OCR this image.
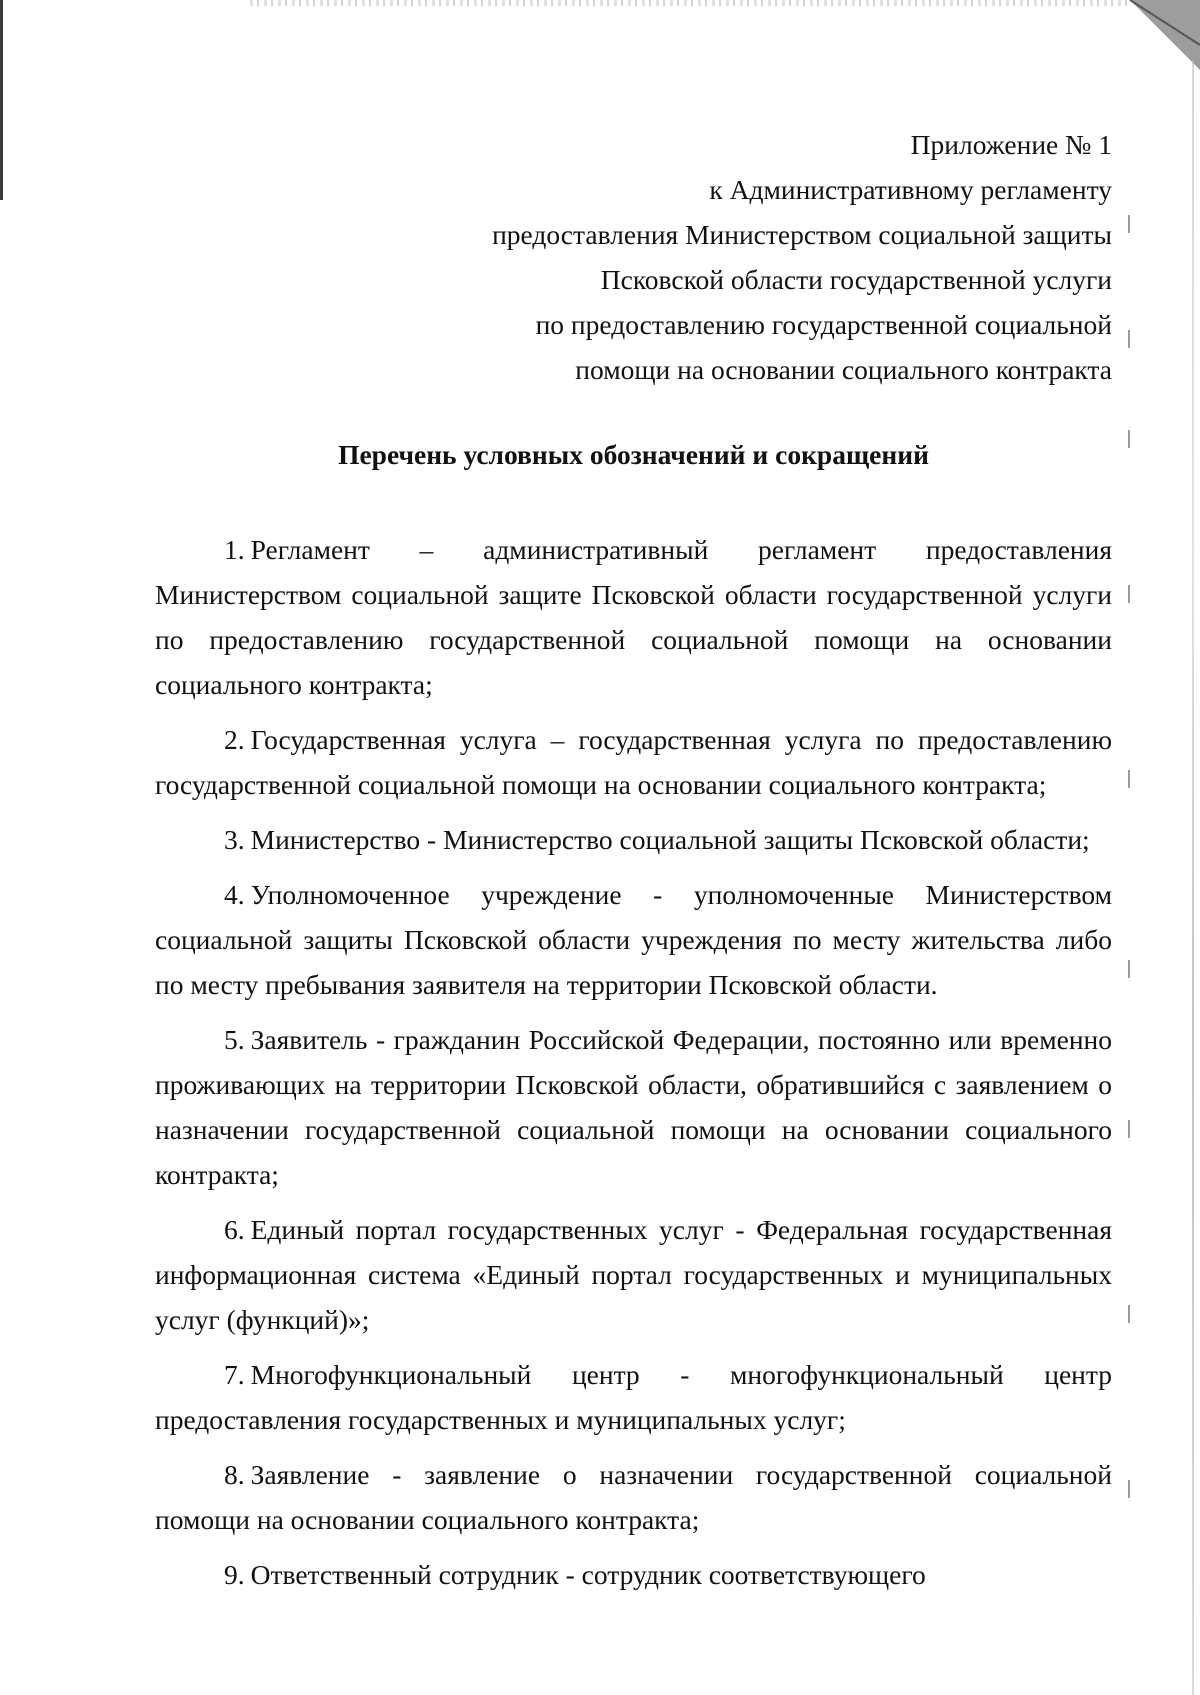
Приложение № 1
к Административному регламенту
предоставления Министерством социальной защиты
Псковской области государственной услуги
по предоставлению государственной социальной
помощи на основании социального контракта
Перечень условных обозначений и сокращений

1. Регламент – административный регламент предоставления Министерством социальной защите Псковской области государственной услуги по предоставлению государственной социальной помощи на основании социального контракта;

2. Государственная услуга – государственная услуга по предоставлению государственной социальной помощи на основании социального контракта;

3. Министерство - Министерство социальной защиты Псковской области;

4. Уполномоченное учреждение - уполномоченные Министерством социальной защиты Псковской области учреждения по месту жительства либо по месту пребывания заявителя на территории Псковской области.

5. Заявитель - гражданин Российской Федерации, постоянно или временно проживающих на территории Псковской области, обратившийся с заявлением о назначении государственной социальной помощи на основании социального контракта;

6. Единый портал государственных услуг - Федеральная государственная информационная система «Единый портал государственных и муниципальных услуг (функций)»;

7. Многофункциональный центр - многофункциональный центр предоставления государственных и муниципальных услуг;

8. Заявление - заявление о назначении государственной социальной помощи на основании социального контракта;

9. Ответственный сотрудник - сотрудник соответствующего
